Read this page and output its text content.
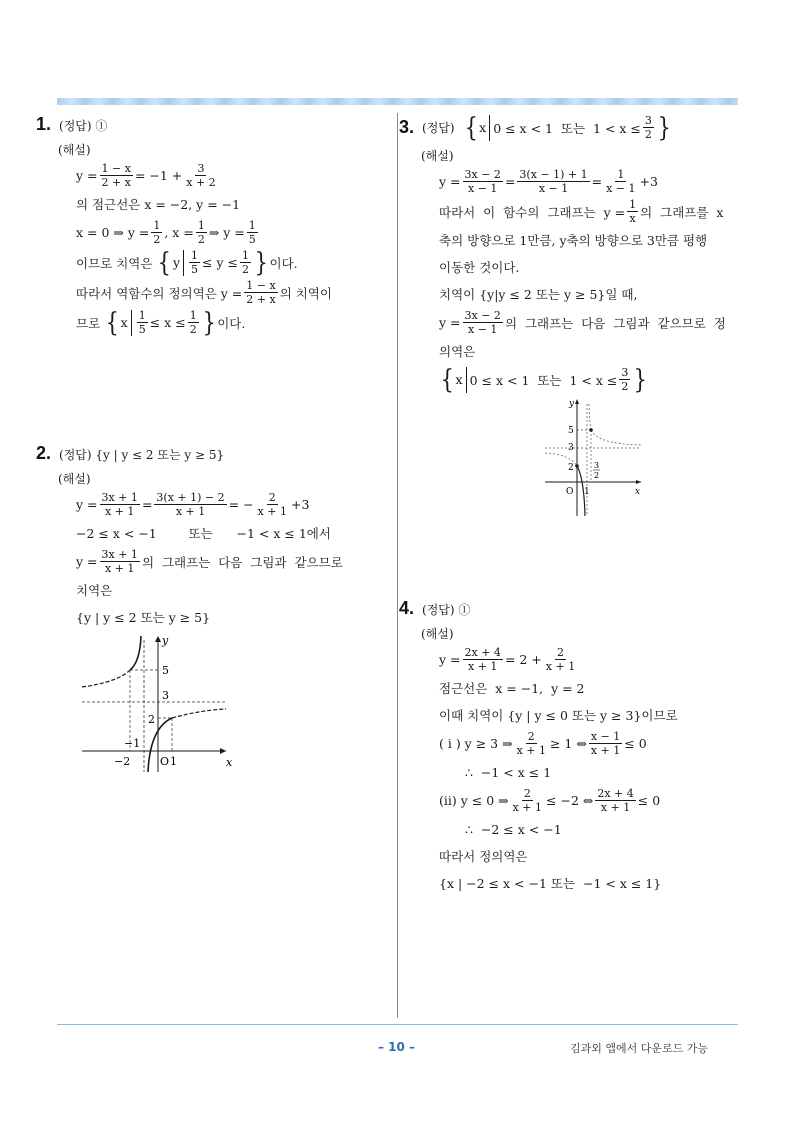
1. (정답) ①
(해설)
$y = \frac{1 - x}{2 + x} = -1 + \frac{3}{x + 2}$
의 점근선은 x = −2, y = −1
x = 0 ⇒ $y = \frac{1}{2}$ , $x = \frac{1}{2}$ ⇒ $y = \frac{1}{5}$
이므로 치역은 { y $\frac{1}{5} \le y \le \frac{1}{2}$ } 이다.
따라서 역함수의 정의역은 $y = \frac{1 - x}{2 + x}$ 의 치역이
므로 { x $\frac{1}{5} \le x \le \frac{1}{2}$ } 이다.
2. (정답) {y | y ≤ 2 또는 y ≥ 5}
(해설)
$y = \frac{3x + 1}{x + 1} = \frac{3(x + 1) - 2}{x + 1}$ = − $\frac{2}{x + 1} +3$
−2 ≤ x < −1        또는      −1 < x ≤ 1에서
$y = \frac{3x + 1}{x + 1}$ 의  그래프는  다음  그림과  같으므로
치역은
{y | y ≤ 2 또는 y ≥ 5}
y
x
5
3
2
−1
−2	O 1
3. (정답) { x 0 ≤ x < 1  또는  $1 < x \le \frac{3}{2}$ }
(해설)
$y = \frac{3x - 2}{x - 1} = \frac{3(x - 1) + 1}{x - 1} = \frac{1}{x - 1} +3$
따라서  이  함수의  그래프는  $y = \frac{1}{x}$ 의  그래프를  x
축의 방향으로 1만큼, y축의 방향으로 3만큼 평행
이동한 것이다.
치역이 {y|y ≤ 2 또는 y ≥ 5}일 때,
$y = \frac{3x - 2}{x - 1}$ 의  그래프는  다음  그림과  같으므로  정
의역은
{ x 0 ≤ x < 1  또는  $1 < x \le \frac{3}{2}$ }
y
x
5
3
2
O 1
3
2
4. (정답) ①
(해설)
$y = \frac{2x + 4}{x + 1} = 2 + \frac{2}{x + 1}$
점근선은  x = −1,  y = 2
이때 치역이 {y | y ≤ 0 또는 y ≥ 3}이므로
( i ) y ≥ 3 ⇒ $\frac{2}{x + 1} \ge 1$ ⇔ $\frac{x - 1}{x + 1} \le 0$
∴  −1 < x ≤ 1
(ii) y ≤ 0 ⇒ $\frac{2}{x + 1} \le -2$ ⇔ $\frac{2x + 4}{x + 1} \le 0$
∴  −2 ≤ x < −1
따라서 정의역은
{x | −2 ≤ x < −1 또는  −1 < x ≤ 1}
– 10 –	김과외 앱에서 다운로드 가능
